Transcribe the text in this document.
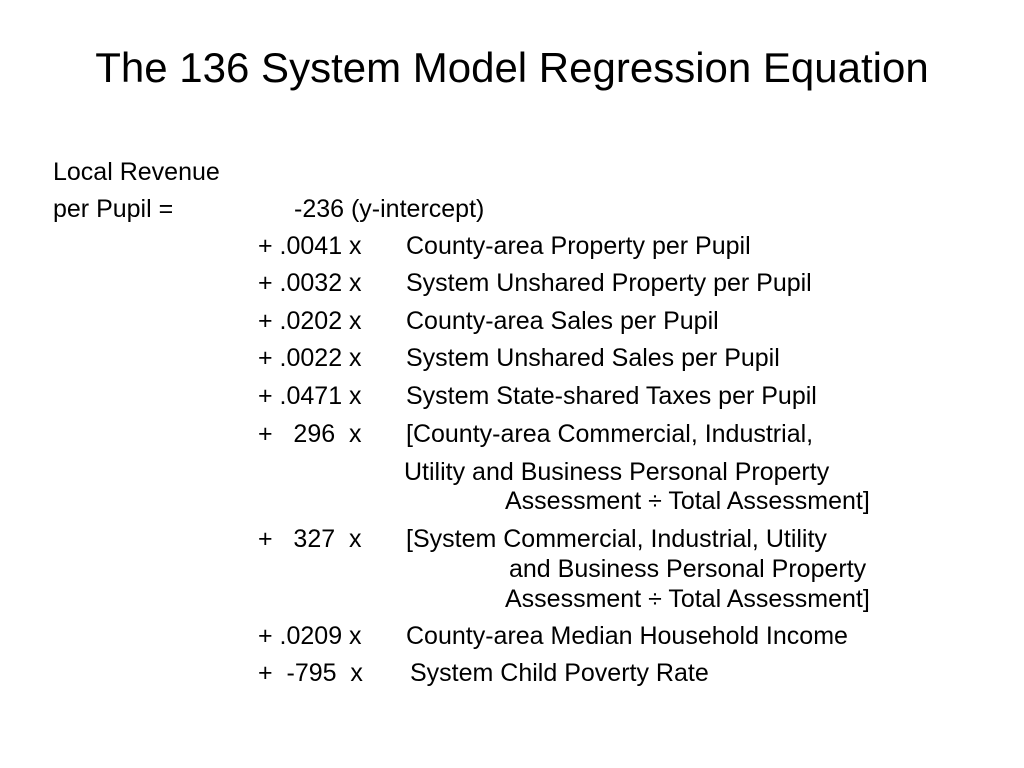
The 136 System Model Regression Equation
Local Revenue
per Pupil =	-236 (y-intercept)
+ .0041 x	County-area Property per Pupil
+ .0032 x	System Unshared Property per Pupil
+ .0202 x	County-area Sales per Pupil
+ .0022 x	System Unshared Sales per Pupil
+ .0471 x	System State-shared Taxes per Pupil
+   296  x	[County-area Commercial, Industrial,
Utility and Business Personal Property
Assessment ÷ Total Assessment]
+   327  x	[System Commercial, Industrial, Utility
and Business Personal Property
Assessment ÷ Total Assessment]
+ .0209 x	County-area Median Household Income
+  -795  x	System Child Poverty Rate
